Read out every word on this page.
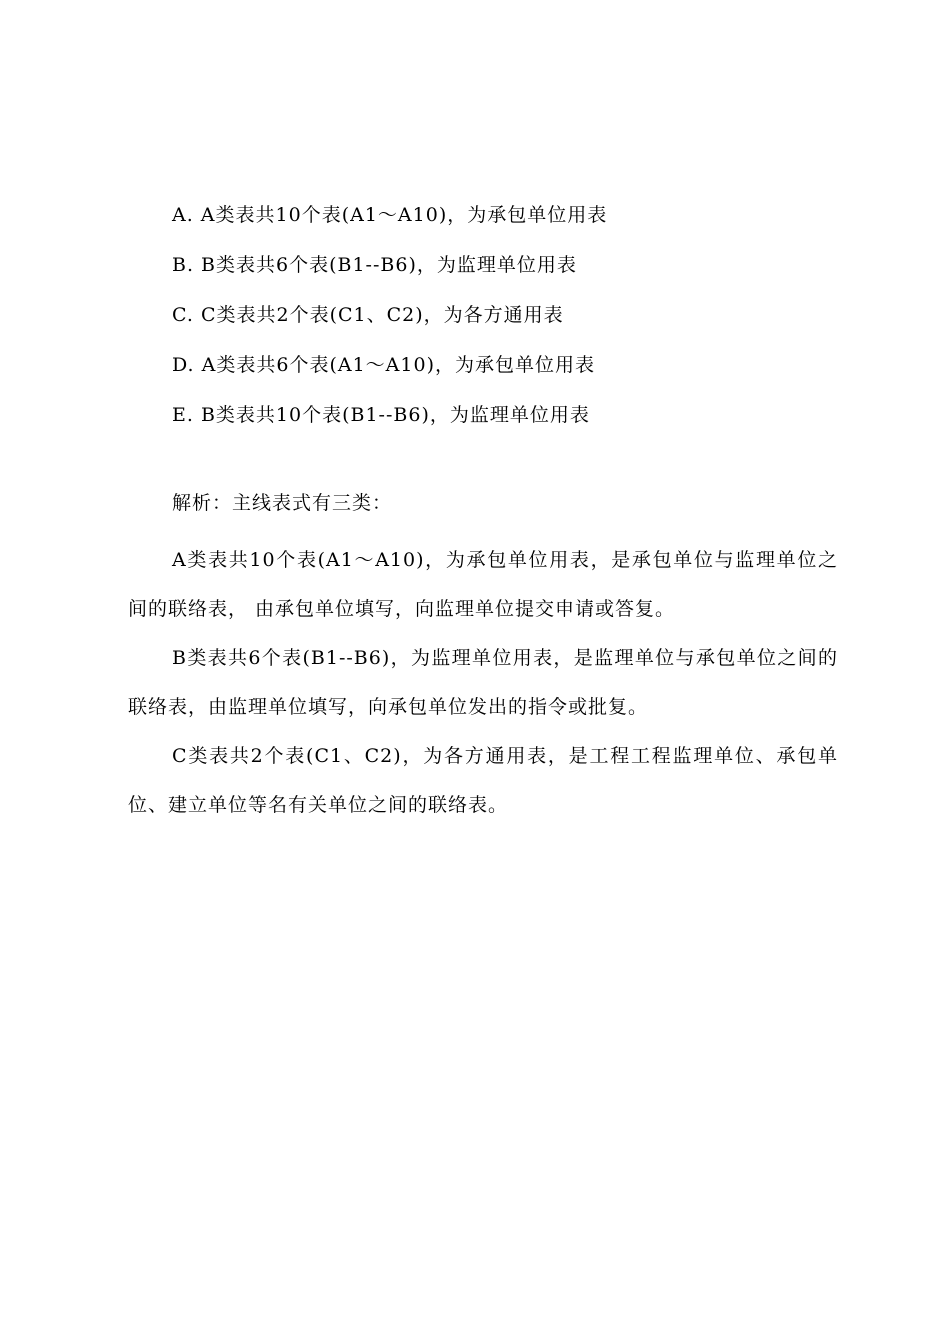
A. A类表共10个表(A1～A10)，为承包单位用表
B. B类表共6个表(B1--B6)，为监理单位用表
C. C类表共2个表(C1、C2)，为各方通用表
D. A类表共6个表(A1～A10)，为承包单位用表
E. B类表共10个表(B1--B6)，为监理单位用表
解析：主线表式有三类：

A类表共10个表(A1～A10)，为承包单位用表，是承包单位与监理单位之间的联络表， 由承包单位填写，向监理单位提交申请或答复。

B类表共6个表(B1--B6)，为监理单位用表，是监理单位与承包单位之间的联络表，由监理单位填写，向承包单位发出的指令或批复。

C类表共2个表(C1、C2)，为各方通用表，是工程工程监理单位、承包单位、建立单位等名有关单位之间的联络表。
